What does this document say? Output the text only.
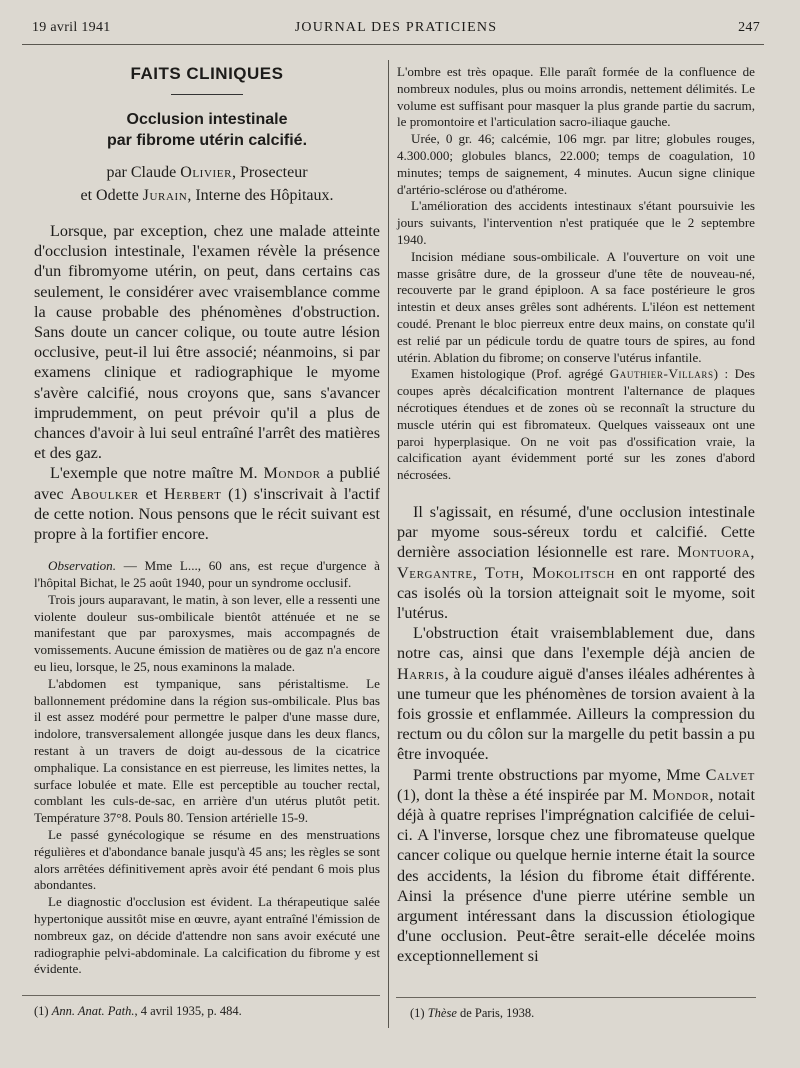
19 avril 1941	JOURNAL DES PRATICIENS	247
FAITS CLINIQUES
Occlusion intestinale
par fibrome utérin calcifié.
par Claude Olivier, Prosecteur
et Odette Jurain, Interne des Hôpitaux.

Lorsque, par exception, chez une malade atteinte d'occlusion intestinale, l'examen révèle la présence d'un fibromyome utérin, on peut, dans certains cas seulement, le considérer avec vraisemblance comme la cause probable des phénomènes d'obstruction. Sans doute un cancer colique, ou toute autre lésion occlusive, peut-il lui être associé; néanmoins, si par examens clinique et radiographique le myome s'avère calcifié, nous croyons que, sans s'avancer imprudemment, on peut prévoir qu'il a plus de chances d'avoir à lui seul entraîné l'arrêt des matières et des gaz.

L'exemple que notre maître M. Mondor a publié avec Aboulker et Herbert (1) s'inscrivait à l'actif de cette notion. Nous pensons que le récit suivant est propre à la fortifier encore.

Observation. — Mme L..., 60 ans, est reçue d'urgence à l'hôpital Bichat, le 25 août 1940, pour un syndrome occlusif.

Trois jours auparavant, le matin, à son lever, elle a ressenti une violente douleur sus-ombilicale bientôt atténuée et ne se manifestant que par paroxysmes, mais accompagnés de vomissements. Aucune émission de matières ou de gaz n'a encore eu lieu, lorsque, le 25, nous examinons la malade.

L'abdomen est tympanique, sans péristaltisme. Le ballonnement prédomine dans la région sus-ombilicale. Plus bas il est assez modéré pour permettre le palper d'une masse dure, indolore, transversalement allongée jusque dans les deux flancs, restant à un travers de doigt au-dessous de la cicatrice omphalique. La consistance en est pierreuse, les limites nettes, la surface lobulée et mate. Elle est perceptible au toucher rectal, comblant les culs-de-sac, en arrière d'un utérus plutôt petit. Température 37°8. Pouls 80. Tension artérielle 15-9.

Le passé gynécologique se résume en des menstruations régulières et d'abondance banale jusqu'à 45 ans; les règles se sont alors arrêtées définitivement après avoir été pendant 6 mois plus abondantes.

Le diagnostic d'occlusion est évident. La thérapeutique salée hypertonique aussitôt mise en œuvre, ayant entraîné l'émission de nombreux gaz, on décide d'attendre non sans avoir exécuté une radiographie pelvi-abdominale. La calcification du fibrome y est évidente.

(1) Ann. Anat. Path., 4 avril 1935, p. 484.

L'ombre est très opaque. Elle paraît formée de la confluence de nombreux nodules, plus ou moins arrondis, nettement délimités. Le volume est suffisant pour masquer la plus grande partie du sacrum, le promontoire et l'articulation sacro-iliaque gauche.

Urée, 0 gr. 46; calcémie, 106 mgr. par litre; globules rouges, 4.300.000; globules blancs, 22.000; temps de coagulation, 10 minutes; temps de saignement, 4 minutes. Aucun signe clinique d'artério-sclérose ou d'athérome.

L'amélioration des accidents intestinaux s'étant poursuivie les jours suivants, l'intervention n'est pratiquée que le 2 septembre 1940.

Incision médiane sous-ombilicale. A l'ouverture on voit une masse grisâtre dure, de la grosseur d'une tête de nouveau-né, recouverte par le grand épiploon. A sa face postérieure le gros intestin et deux anses grêles sont adhérents. L'iléon est nettement coudé. Prenant le bloc pierreux entre deux mains, on constate qu'il est relié par un pédicule tordu de quatre tours de spires, au fond utérin. Ablation du fibrome; on conserve l'utérus infantile.

Examen histologique (Prof. agrégé Gauthier-Villars) : Des coupes après décalcification montrent l'alternance de plaques nécrotiques étendues et de zones où se reconnaît la structure du muscle utérin qui est fibromateux. Quelques vaisseaux ont une paroi hyperplasique. On ne voit pas d'ossification vraie, la calcification ayant évidemment porté sur les zones d'abord nécrosées.

Il s'agissait, en résumé, d'une occlusion intestinale par myome sous-séreux tordu et calcifié. Cette dernière association lésionnelle est rare. Montuora, Vergantre, Toth, Mokolitsch en ont rapporté des cas isolés où la torsion atteignait soit le myome, soit l'utérus.

L'obstruction était vraisemblablement due, dans notre cas, ainsi que dans l'exemple déjà ancien de Harris, à la coudure aiguë d'anses iléales adhérentes à une tumeur que les phénomènes de torsion avaient à la fois grossie et enflammée. Ailleurs la compression du rectum ou du côlon sur la margelle du petit bassin a pu être invoquée.

Parmi trente obstructions par myome, Mme Calvet (1), dont la thèse a été inspirée par M. Mondor, notait déjà à quatre reprises l'imprégnation calcifiée de celui-ci. A l'inverse, lorsque chez une fibromateuse quelque cancer colique ou quelque hernie interne était la source des accidents, la lésion du fibrome était différente. Ainsi la présence d'une pierre utérine semble un argument intéressant dans la discussion étiologique d'une occlusion. Peut-être serait-elle décelée moins exceptionnellement si

(1) Thèse de Paris, 1938.
